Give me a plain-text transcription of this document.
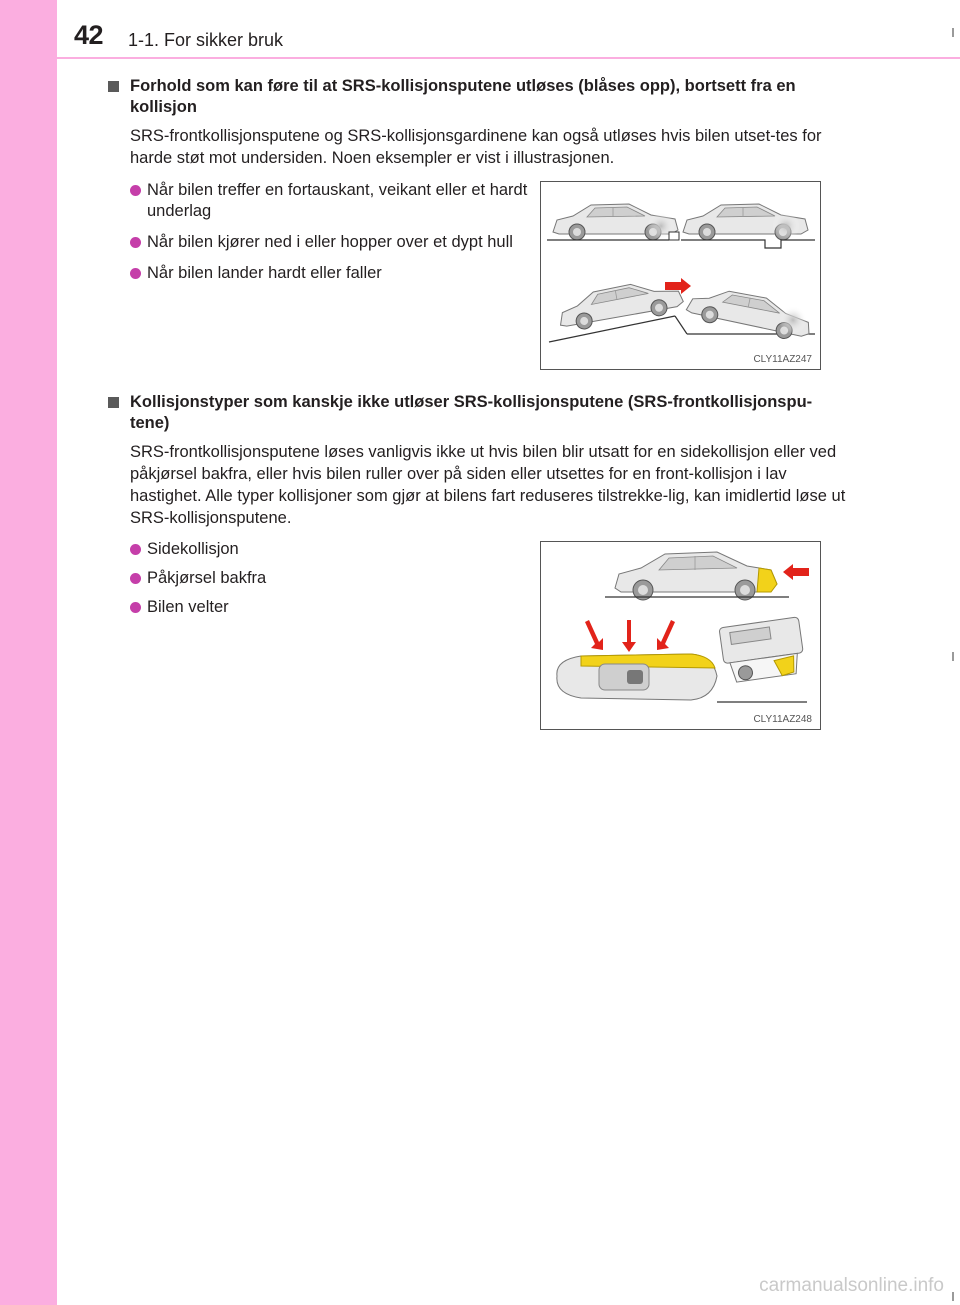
42 1-1. For sikker bruk
Forhold som kan føre til at SRS-kollisjonsputene utløses (blåses opp), bortsett fra en kollisjon

SRS-frontkollisjonsputene og SRS-kollisjonsgardinene kan også utløses hvis bilen utset-tes for harde støt mot undersiden. Noen eksempler er vist i illustrasjonen.

Når bilen treffer en fortauskant, veikant eller et hardt underlag
Når bilen kjører ned i eller hopper over et dypt hull
Når bilen lander hardt eller faller
CLY11AZ247
Kollisjonstyper som kanskje ikke utløser SRS-kollisjonsputene (SRS-frontkollisjonspu-tene)

SRS-frontkollisjonsputene løses vanligvis ikke ut hvis bilen blir utsatt for en sidekollisjon eller ved påkjørsel bakfra, eller hvis bilen ruller over på siden eller utsettes for en front-kollisjon i lav hastighet. Alle typer kollisjoner som gjør at bilens fart reduseres tilstrekke-lig, kan imidlertid løse ut SRS-kollisjonsputene.

Sidekollisjon
Påkjørsel bakfra
Bilen velter
CLY11AZ248
carmanualsonline.info
